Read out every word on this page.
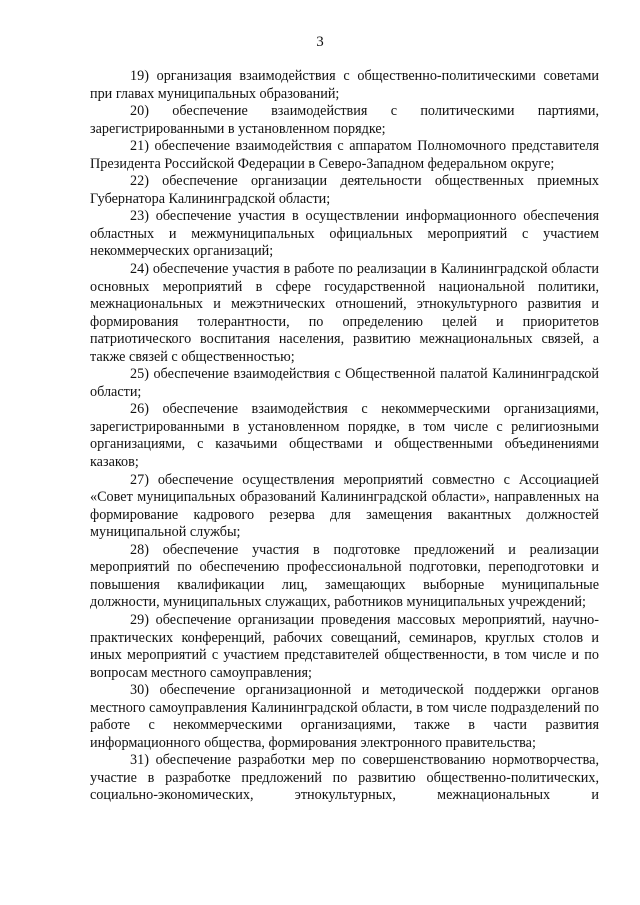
3

19) организация взаимодействия с общественно-политическими советами при главах муниципальных образований;

20) обеспечение взаимодействия с политическими партиями, зарегистрированными в установленном порядке;

21) обеспечение взаимодействия с аппаратом Полномочного представителя Президента Российской Федерации в Северо-Западном федеральном округе;

22) обеспечение организации деятельности общественных приемных Губернатора Калининградской области;

23) обеспечение участия в осуществлении информационного обеспечения областных и межмуниципальных официальных мероприятий с участием некоммерческих организаций;

24) обеспечение участия в работе по реализации в Калининградской области основных мероприятий в сфере государственной национальной политики, межнациональных и межэтнических отношений, этнокультурного развития и формирования толерантности, по определению целей и приоритетов патриотического воспитания населения, развитию межнациональных связей, а также связей с общественностью;

25) обеспечение взаимодействия с Общественной палатой Калининградской области;

26) обеспечение взаимодействия с некоммерческими организациями, зарегистрированными в установленном порядке, в том числе с религиозными организациями, с казачьими обществами и общественными объединениями казаков;

27) обеспечение осуществления мероприятий совместно с Ассоциацией «Совет муниципальных образований Калининградской области», направленных на формирование кадрового резерва для замещения вакантных должностей муниципальной службы;

28) обеспечение участия в подготовке предложений и реализации мероприятий по обеспечению профессиональной подготовки, переподготовки и повышения квалификации лиц, замещающих выборные муниципальные должности, муниципальных служащих, работников муниципальных учреждений;

29) обеспечение организации проведения массовых мероприятий, научно-практических конференций, рабочих совещаний, семинаров, круглых столов и иных мероприятий с участием представителей общественности, в том числе и по вопросам местного самоуправления;

30) обеспечение организационной и методической поддержки органов местного самоуправления Калининградской области, в том числе подразделений по работе с некоммерческими организациями, также в части развития информационного общества, формирования электронного правительства;

31) обеспечение разработки мер по совершенствованию нормотворчества, участие в разработке предложений по развитию общественно-политических, социально-экономических, этнокультурных, межнациональных и
